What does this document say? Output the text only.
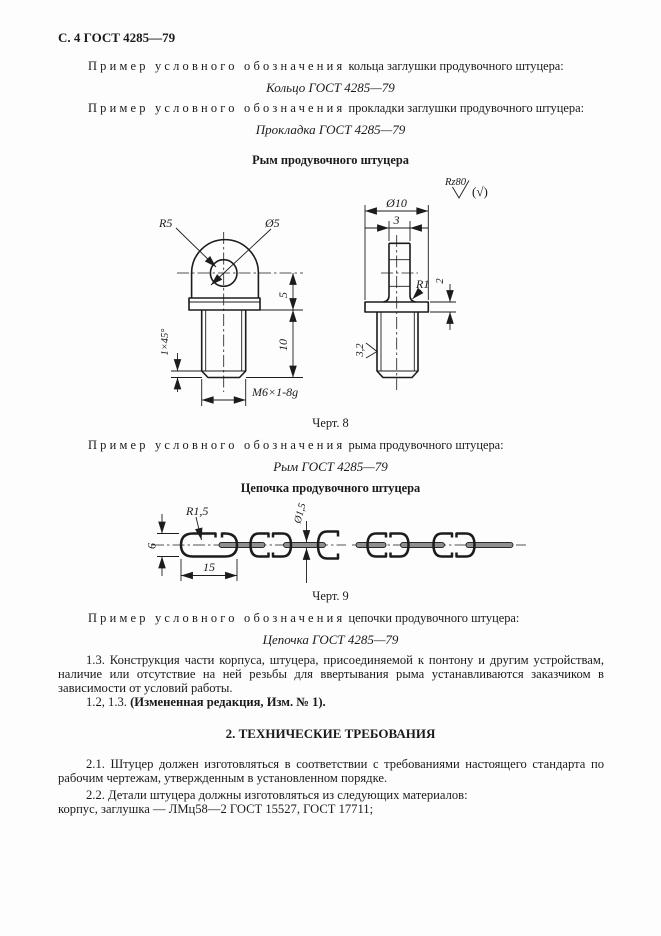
С. 4 ГОСТ 4285—79
Пример условного обозначения кольца заглушки продувочного штуцера:
Кольцо ГОСТ 4285—79
Пример условного обозначения прокладки заглушки продувочного штуцера:
Прокладка ГОСТ 4285—79
Рым продувочного штуцера
R5	Ø5
5
10
1×45°
М6×1-8g
Ø10
3
R1 2
Rz80
(√)
3,2
Черт. 8
Пример условного обозначения рыма продувочного штуцера:
Рым ГОСТ 4285—79
Цепочка продувочного штуцера
R1,5
6
15
Ø1,5
Черт. 9
Пример условного обозначения цепочки продувочного штуцера:
Цепочка ГОСТ 4285—79
1.3. Конструкция части корпуса, штуцера, присоединяемой к понтону и другим устройствам, наличие или отсутствие на ней резьбы для ввертывания рыма устанавливаются заказчиком в зависимости от условий работы.
1.2, 1.3. (Измененная редакция, Изм. № 1).
2. ТЕХНИЧЕСКИЕ ТРЕБОВАНИЯ
2.1. Штуцер должен изготовляться в соответствии с требованиями настоящего стандарта по рабочим чертежам, утвержденным в установленном порядке.
2.2. Детали штуцера должны изготовляться из следующих материалов:
корпус, заглушка — ЛМц58—2 ГОСТ 15527, ГОСТ 17711;
